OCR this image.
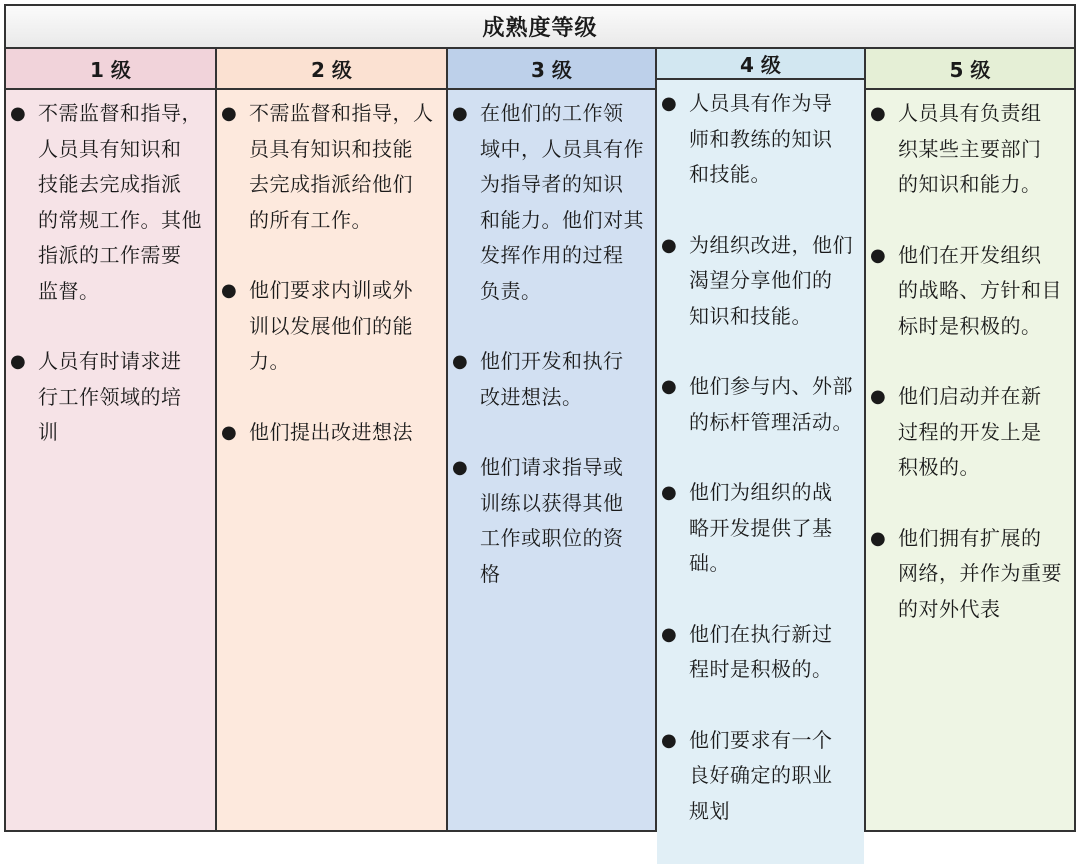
成熟度等级
1 级
● 不需监督和指导，
人员具有知识和
技能去完成指派
的常规工作。其他
指派的工作需要
监督。
● 人员有时请求进
行工作领域的培
训
2 级
● 不需监督和指导，人
员具有知识和技能
去完成指派给他们
的所有工作。
● 他们要求内训或外
训以发展他们的能
力。
● 他们提出改进想法
3 级
● 在他们的工作领
域中，人员具有作
为指导者的知识
和能力。他们对其
发挥作用的过程
负责。
● 他们开发和执行
改进想法。
● 他们请求指导或
训练以获得其他
工作或职位的资
格
4 级
● 人员具有作为导
师和教练的知识
和技能。
● 为组织改进，他们
渴望分享他们的
知识和技能。
● 他们参与内、外部
的标杆管理活动。
● 他们为组织的战
略开发提供了基
础。
● 他们在执行新过
程时是积极的。
● 他们要求有一个
良好确定的职业
规划
5 级
● 人员具有负责组
织某些主要部门
的知识和能力。
● 他们在开发组织
的战略、方针和目
标时是积极的。
● 他们启动并在新
过程的开发上是
积极的。
● 他们拥有扩展的
网络，并作为重要
的对外代表
